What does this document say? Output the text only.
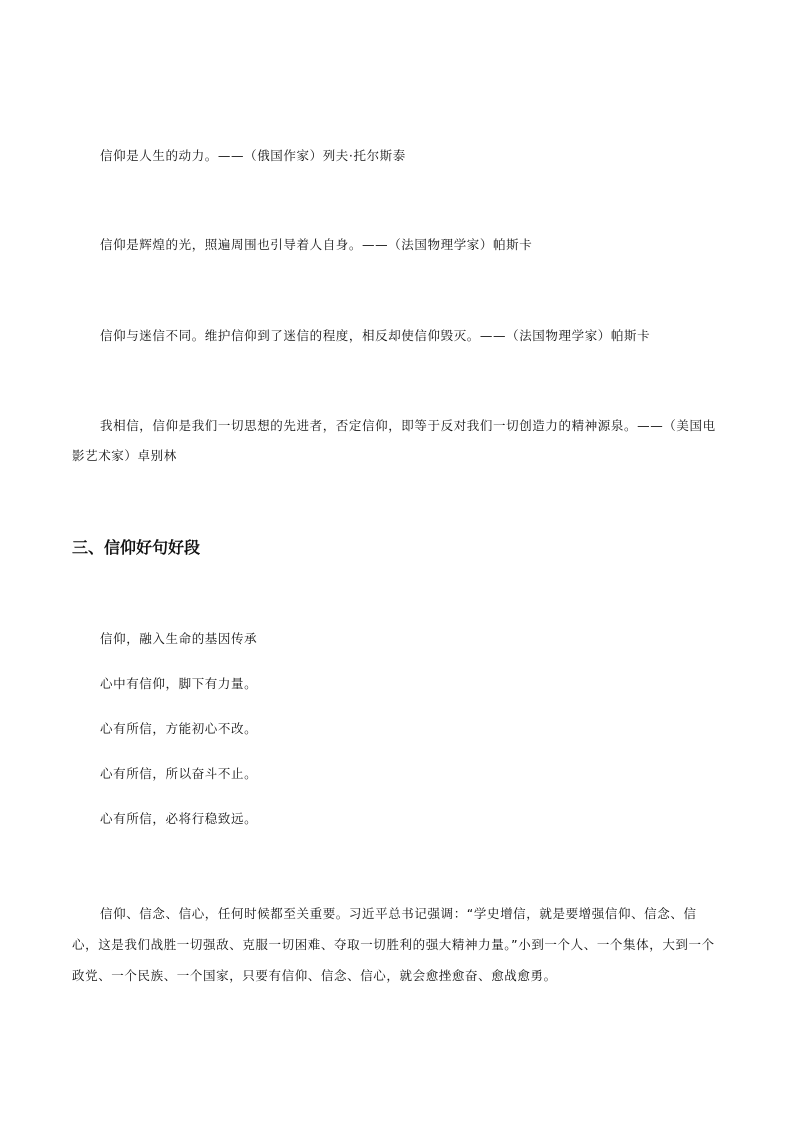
信仰是人生的动力。——（俄国作家）列夫·托尔斯泰

信仰是辉煌的光，照遍周围也引导着人自身。——（法国物理学家）帕斯卡

信仰与迷信不同。维护信仰到了迷信的程度，相反却使信仰毁灭。——（法国物理学家）帕斯卡

我相信，信仰是我们一切思想的先进者，否定信仰，即等于反对我们一切创造力的精神源泉。——（美国电影艺术家）卓别林

三、信仰好句好段

信仰，融入生命的基因传承

心中有信仰，脚下有力量。

心有所信，方能初心不改。

心有所信，所以奋斗不止。

心有所信，必将行稳致远。

信仰、信念、信心，任何时候都至关重要。习近平总书记强调：“学史增信，就是要增强信仰、信念、信心，这是我们战胜一切强敌、克服一切困难、夺取一切胜利的强大精神力量。”小到一个人、一个集体，大到一个政党、一个民族、一个国家，只要有信仰、信念、信心，就会愈挫愈奋、愈战愈勇。
